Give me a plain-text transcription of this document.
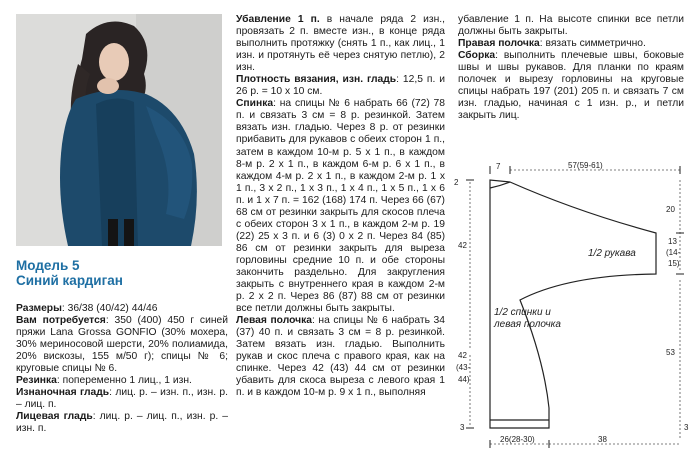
Модель 5
Синий кардиган

Размеры: 36/38 (40/42) 44/46

Вам потребуется: 350 (400) 450 г синей пряжи Lana Grossa GONFIO (30% мохера, 30% мериносовой шерсти, 20% полиамида, 20% вискозы, 155 м/50 г); спицы № 6; круговые спицы № 6.

Резинка: попеременно 1 лиц., 1 изн.

Изнаночная гладь: лиц. р. – изн. п., изн. р. – лиц. п.

Лицевая гладь: лиц. р. – лиц. п., изн. р. – изн. п.

Убавление 1 п. в начале ряда 2 изн., провязать 2 п. вместе изн., в конце ряда выполнить протяжку (снять 1 п., как лиц., 1 изн. и протянуть её через снятую петлю), 2 изн.

Плотность вязания, изн. гладь: 12,5 п. и 26 р. = 10 х 10 см.

Спинка: на спицы № 6 набрать 66 (72) 78 п. и связать 3 см = 8 р. резинкой. Затем вязать изн. гладью. Через 8 р. от резинки прибавить для рукавов с обеих сторон 1 п., затем в каждом 10-м р. 5 х 1 п., в каждом 8-м р. 2 х 1 п., в каждом 6-м р. 6 х 1 п., в каждом 4-м р. 2 х 1 п., в каждом 2-м р. 1 х 1 п., 3 х 2 п., 1 х 3 п., 1 х 4 п., 1 х 5 п., 1 х 6 п. и 1 х 7 п. = 162 (168) 174 п. Через 66 (67) 68 см от резинки закрыть для скосов плеча с обеих сторон 3 х 1 п., в каждом 2-м р. 19 (22) 25 х 3 п. и 6 (3) 0 х 2 п. Через 84 (85) 86 см от резинки закрыть для выреза горловины средние 10 п. и обе стороны закончить раздельно. Для закругления закрыть с внутреннего края в каждом 2-м р. 2 х 2 п. Через 86 (87) 88 см от резинки все петли должны быть закрыты.

Левая полочка: на спицы № 6 набрать 34 (37) 40 п. и связать 3 см = 8 р. резинкой. Затем вязать изн. гладью. Выполнить рукав и скос плеча с правого края, как на спинке. Через 42 (43) 44 см от резинки убавить для скоса выреза с левого края 1 п. и в каждом 10-м р. 9 х 1 п., выполняя

убавление 1 п. На высоте спинки все петли должны быть закрыты.

Правая полочка: вязать симметрично.

Сборка: выполнить плечевые швы, боковые швы и швы рукавов. Для планки по краям полочек и вырезу горловины на круговые спицы набрать 197 (201) 205 п. и связать 7 см изн. гладью, начиная с 1 изн. р., и петли закрыть лиц.

2
7	57(59-61)
20
13
(14-
15)
42
42
(43-
44)
53
3	3
26(28-30)	38
1/2 рукава
1/2 спинки и
левая полочка
